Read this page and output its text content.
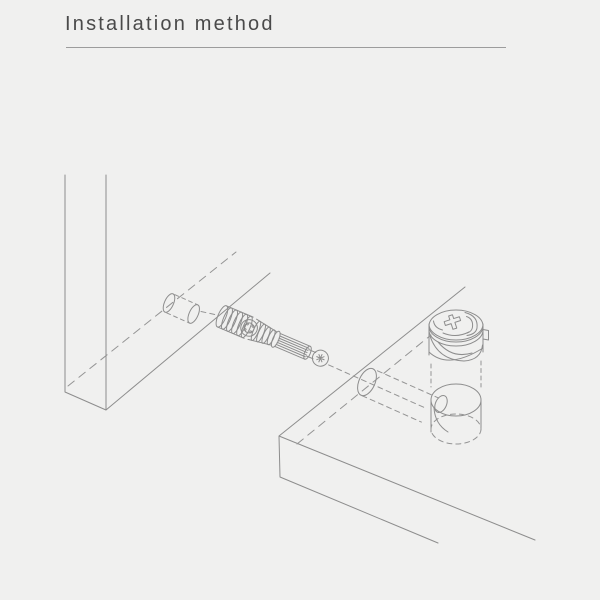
Installation method
